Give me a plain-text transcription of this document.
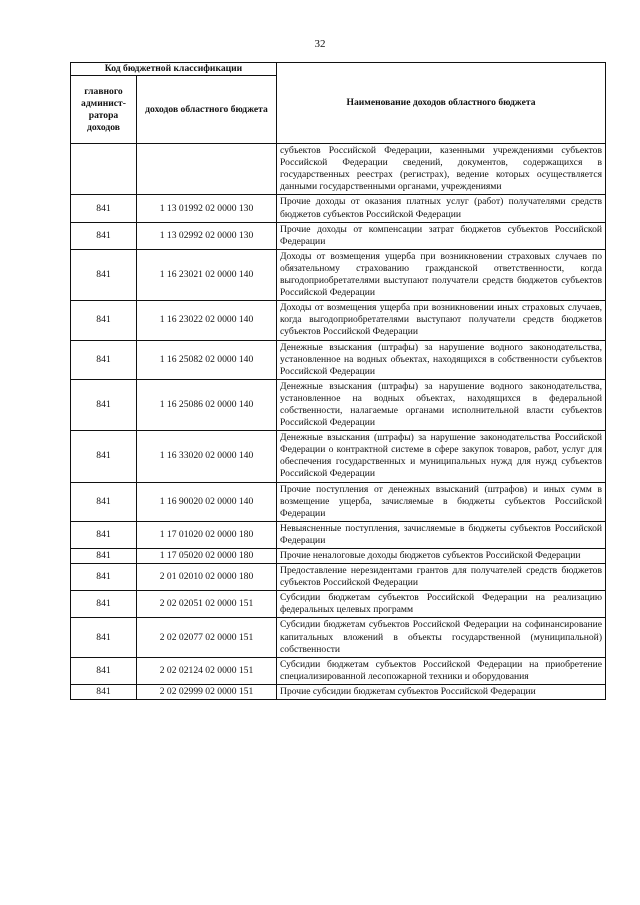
32
Код бюджетной классификации		Наименование доходов областного бюджета
главного админист-ратора доходов	доходов областного бюджета	
		субъектов Российской Федерации, казенными учреждениями субъектов Российской Федерации сведений, документов, содержащихся в государственных реестрах (регистрах), ведение которых осуществляется данными государственными органами, учреждениями
841	1 13 01992 02 0000 130	Прочие доходы от оказания платных услуг (работ) получателями средств бюджетов субъектов Российской Федерации
841	1 13 02992 02 0000 130	Прочие доходы от компенсации затрат бюджетов субъектов Российской Федерации
841	1 16 23021 02 0000 140	Доходы от возмещения ущерба при возникновении страховых случаев по обязательному страхованию гражданской ответственности, когда выгодоприобретателями выступают получатели средств бюджетов субъектов Российской Федерации
841	1 16 23022 02 0000 140	Доходы от возмещения ущерба при возникновении иных страховых случаев, когда выгодоприобретателями выступают получатели средств бюджетов субъектов Российской Федерации
841	1 16 25082 02 0000 140	Денежные взыскания (штрафы) за нарушение водного законодательства, установленное на водных объектах, находящихся в собственности субъектов Российской Федерации
841	1 16 25086 02 0000 140	Денежные взыскания (штрафы) за нарушение водного законодательства, установленное на водных объектах, находящихся в федеральной собственности, налагаемые органами исполнительной власти субъектов Российской Федерации
841	1 16 33020 02 0000 140	Денежные взыскания (штрафы) за нарушение законодательства Российской Федерации о контрактной системе в сфере закупок товаров, работ, услуг для обеспечения государственных и муниципальных нужд для нужд субъектов Российской Федерации
841	1 16 90020 02 0000 140	Прочие поступления от денежных взысканий (штрафов) и иных сумм в возмещение ущерба, зачисляемые в бюджеты субъектов Российской Федерации
841	1 17 01020 02 0000 180	Невыясненные поступления, зачисляемые в бюджеты субъектов Российской Федерации
841	1 17 05020 02 0000 180	Прочие неналоговые доходы бюджетов субъектов Российской Федерации
841	2 01 02010 02 0000 180	Предоставление нерезидентами грантов для получателей средств бюджетов субъектов Российской Федерации
841	2 02 02051 02 0000 151	Субсидии бюджетам субъектов Российской Федерации на реализацию федеральных целевых программ
841	2 02 02077 02 0000 151	Субсидии бюджетам субъектов Российской Федерации на софинансирование капитальных вложений в объекты государственной (муниципальной) собственности
841	2 02 02124 02 0000 151	Субсидии бюджетам субъектов Российской Федерации на приобретение специализированной лесопожарной техники и оборудования
841	2 02 02999 02 0000 151	Прочие субсидии бюджетам субъектов Российской Федерации
